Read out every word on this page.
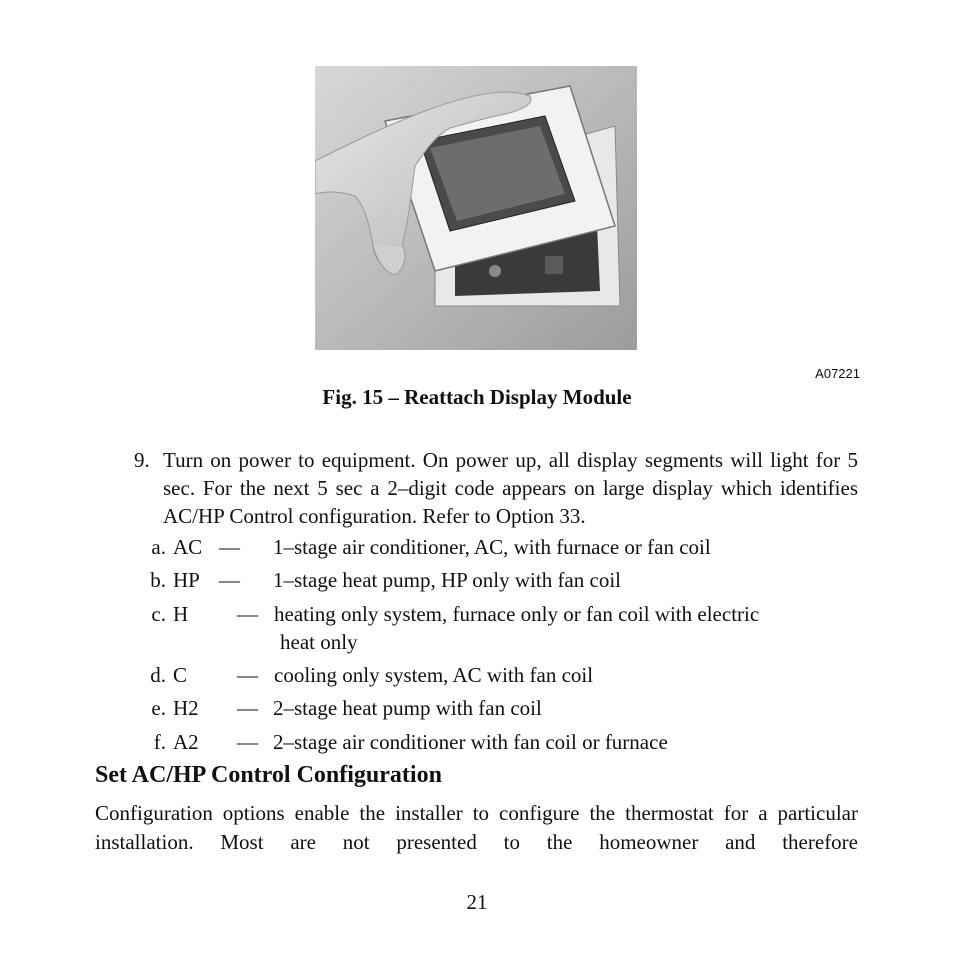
A07221
Fig. 15 – Reattach Display Module
9. Turn on power to equipment. On power up, all display segments will light for 5 sec. For the next 5 sec a 2–digit code appears on large display which identifies AC/HP Control configuration. Refer to Option 33.
a. AC — 1–stage air conditioner, AC, with furnace or fan coil
b. HP — 1–stage heat pump, HP only with fan coil
c. H — heating only system, furnace only or fan coil with electric
heat only
d. C — cooling only system, AC with fan coil
e. H2 — 2–stage heat pump with fan coil
f. A2 — 2–stage air conditioner with fan coil or furnace
Set AC/HP Control Configuration
Configuration options enable the installer to configure the thermostat for a particular installation. Most are not presented to the homeowner and therefore
21
